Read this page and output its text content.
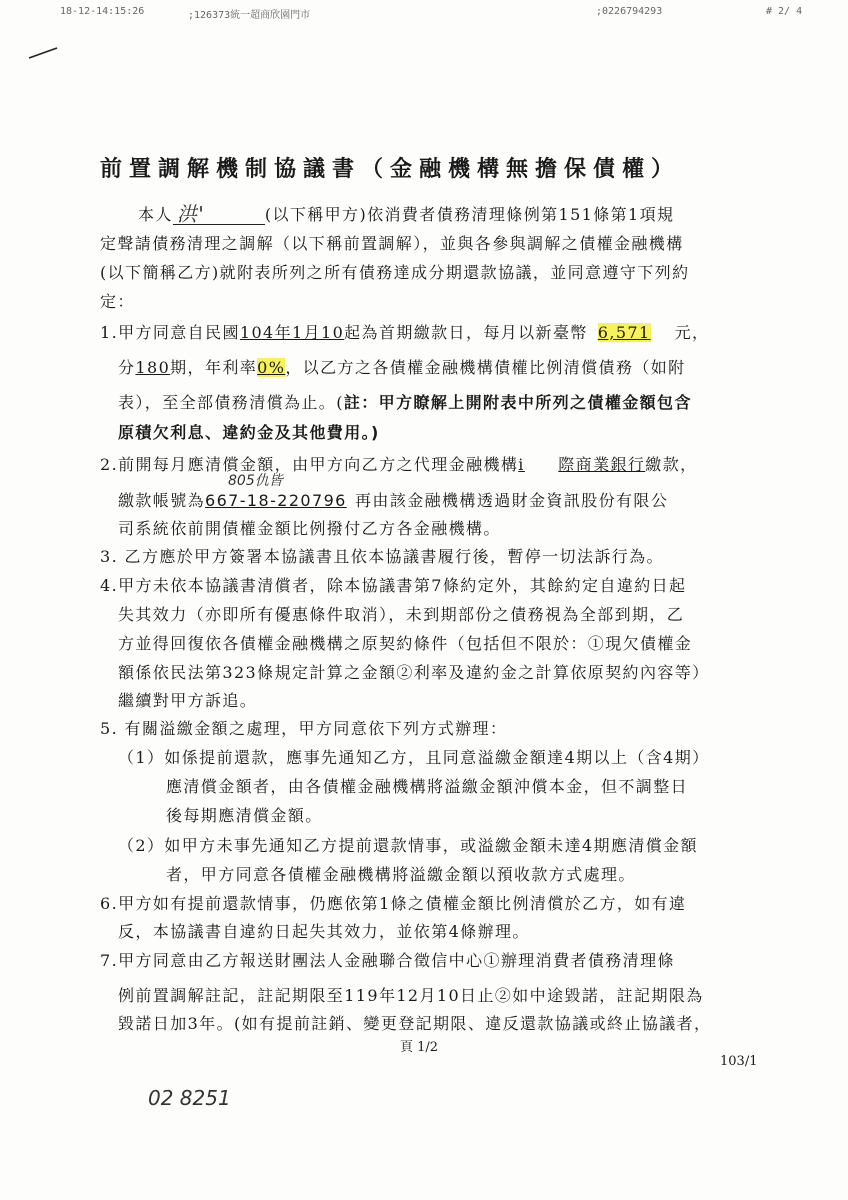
18-12-14:15:26	;126373統一超商欣園門市	;0226794293	# 2/ 4
前置調解機制協議書（金融機構無擔保債權）
本人 洪'	(以下稱甲方)依消費者債務清理條例第151條第1項規
定聲請債務清理之調解（以下稱前置調解），並與各參與調解之債權金融機構
(以下簡稱乙方)就附表所列之所有債務達成分期還款協議，並同意遵守下列約
定：
1.甲方同意自民國104年1月10起為首期繳款日，每月以新臺幣 6,571 元，
分180期，年利率0%，以乙方之各債權金融機構債權比例清償債務（如附
表），至全部債務清償為止。(註：甲方瞭解上開附表中所列之債權金額包含
原積欠利息、違約金及其他費用。)
2.前開每月應清償金額，由甲方向乙方之代理金融機構i 際商業銀行繳款，
805仇皆
繳款帳號為667-18-220796 再由該金融機構透過財金資訊股份有限公
司系統依前開債權金額比例撥付乙方各金融機構。
3. 乙方應於甲方簽署本協議書且依本協議書履行後，暫停一切法訴行為。
4.甲方未依本協議書清償者，除本協議書第7條約定外，其餘約定自違約日起
失其效力（亦即所有優惠條件取消），未到期部份之債務視為全部到期，乙
方並得回復依各債權金融機構之原契約條件（包括但不限於：①現欠債權金
額係依民法第323條規定計算之金額②利率及違約金之計算依原契約內容等）
繼續對甲方訴追。
5. 有關溢繳金額之處理，甲方同意依下列方式辦理：
（1）如係提前還款，應事先通知乙方，且同意溢繳金額達4期以上（含4期）
應清償金額者，由各債權金融機構將溢繳金額沖償本金，但不調整日
後每期應清償金額。
（2）如甲方未事先通知乙方提前還款情事，或溢繳金額未達4期應清償金額
者，甲方同意各債權金融機構將溢繳金額以預收款方式處理。
6.甲方如有提前還款情事，仍應依第1條之債權金額比例清償於乙方，如有違
反，本協議書自違約日起失其效力，並依第4條辦理。
7.甲方同意由乙方報送財團法人金融聯合徵信中心①辦理消費者債務清理條
例前置調解註記，註記期限至119年12月10日止②如中途毀諾，註記期限為
毀諾日加3年。(如有提前註銷、變更登記期限、違反還款協議或終止協議者，
頁 1/2
103/1
02 8251
